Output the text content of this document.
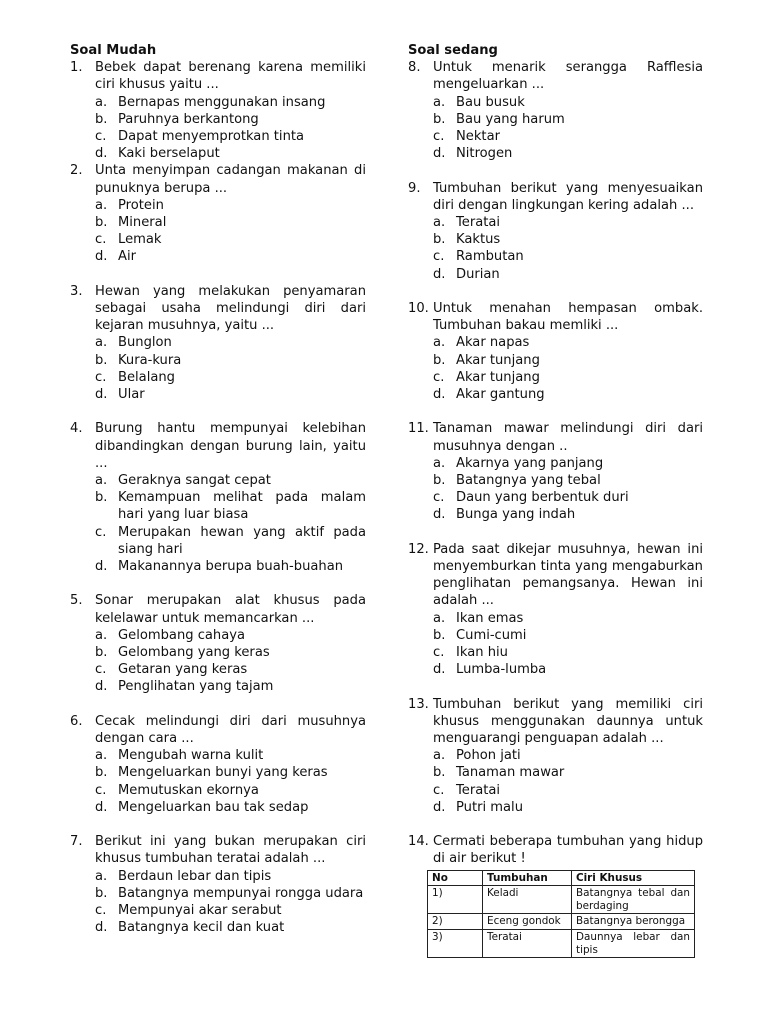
Soal Mudah
1. Bebek dapat berenang karena memiliki ciri khusus yaitu ...
a. Bernapas menggunakan insang
b. Paruhnya berkantong
c. Dapat menyemprotkan tinta
d. Kaki berselaput
2. Unta menyimpan cadangan makanan di punuknya berupa ...
a. Protein
b. Mineral
c. Lemak
d. Air
3. Hewan yang melakukan penyamaran sebagai usaha melindungi diri dari kejaran musuhnya, yaitu ...
a. Bunglon
b. Kura-kura
c. Belalang
d. Ular
4. Burung hantu mempunyai kelebihan dibandingkan dengan burung lain, yaitu ...
a. Geraknya sangat cepat
b. Kemampuan melihat pada malam hari yang luar biasa
c. Merupakan hewan yang aktif pada siang hari
d. Makanannya berupa buah-buahan
5. Sonar merupakan alat khusus pada kelelawar untuk memancarkan ...
a. Gelombang cahaya
b. Gelombang yang keras
c. Getaran yang keras
d. Penglihatan yang tajam
6. Cecak melindungi diri dari musuhnya dengan cara ...
a. Mengubah warna kulit
b. Mengeluarkan bunyi yang keras
c. Memutuskan ekornya
d. Mengeluarkan bau tak sedap
7. Berikut ini yang bukan merupakan ciri khusus tumbuhan teratai adalah ...
a. Berdaun lebar dan tipis
b. Batangnya mempunyai rongga udara
c. Mempunyai akar serabut
d. Batangnya kecil dan kuat
Soal sedang
8. Untuk menarik serangga Rafflesia mengeluarkan ...
a. Bau busuk
b. Bau yang harum
c. Nektar
d. Nitrogen
9. Tumbuhan berikut yang menyesuaikan diri dengan lingkungan kering adalah ...
a. Teratai
b. Kaktus
c. Rambutan
d. Durian
10. Untuk menahan hempasan ombak. Tumbuhan bakau memliki ...
a. Akar napas
b. Akar tunjang
c. Akar tunjang
d. Akar gantung
11. Tanaman mawar melindungi diri dari musuhnya dengan ..
a. Akarnya yang panjang
b. Batangnya yang tebal
c. Daun yang berbentuk duri
d. Bunga yang indah
12. Pada saat dikejar musuhnya, hewan ini menyemburkan tinta yang mengaburkan penglihatan pemangsanya. Hewan ini adalah ...
a. Ikan emas
b. Cumi-cumi
c. Ikan hiu
d. Lumba-lumba
13. Tumbuhan berikut yang memiliki ciri khusus menggunakan daunnya untuk menguarangi penguapan adalah ...
a. Pohon jati
b. Tanaman mawar
c. Teratai
d. Putri malu
14. Cermati beberapa tumbuhan yang hidup di air berikut !
No	Tumbuhan	Ciri Khusus
1)	Keladi	Batangnya tebal dan berdaging
2)	Eceng gondok	Batangnya berongga
3)	Teratai	Daunnya lebar dan tipis
